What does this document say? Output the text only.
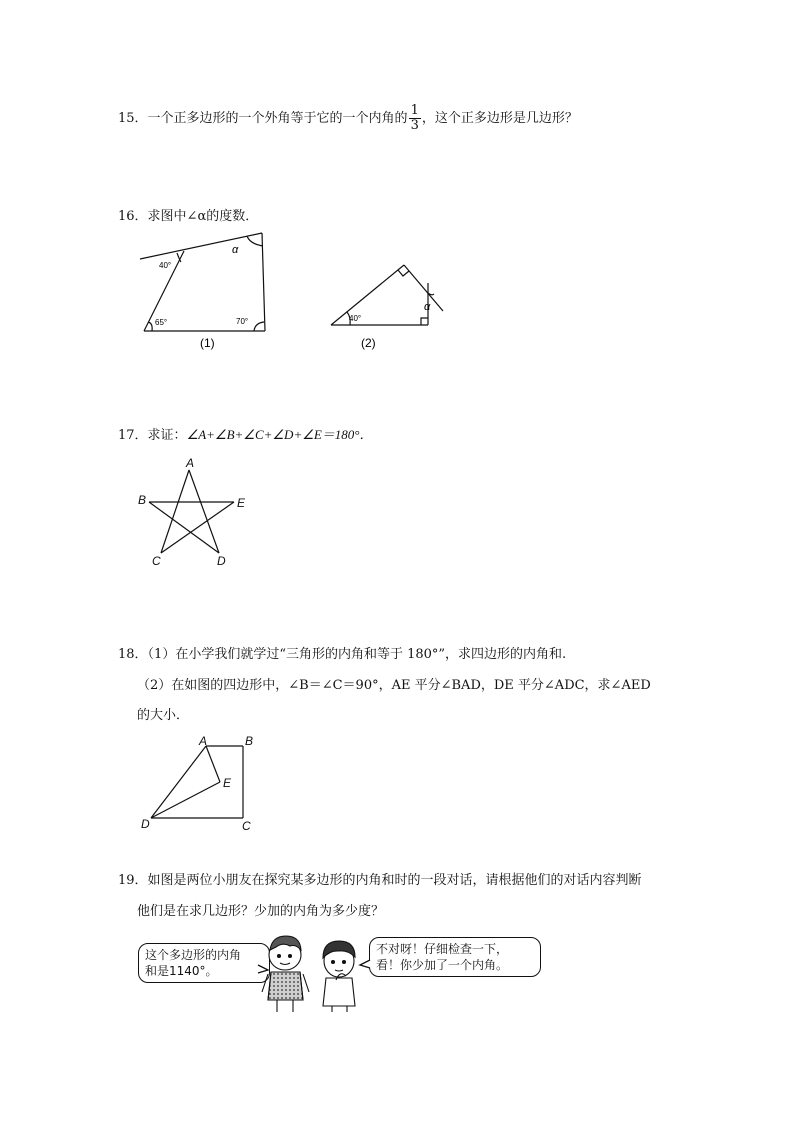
15．一个正多边形的一个外角等于它的一个内角的 $\frac{1}{3}$ ，这个正多边形是几边形？
16．求图中∠α的度数．
40°
α
65°	70°
(1)
40°
α
(2)
17．求证：∠A+∠B+∠C+∠D+∠E＝180°．
A
B	E
C	D
18．（1）在小学我们就学过“三角形的内角和等于 180°”，求四边形的内角和.
（2）在如图的四边形中，∠B＝∠C＝90°，AE 平分∠BAD，DE 平分∠ADC，求∠AED
的大小．
A	B
E
D	C
19．如图是两位小朋友在探究某多边形的内角和时的一段对话，请根据他们的对话内容判断
他们是在求几边形？少加的内角为多少度？
这个多边形的内角
和是1140°。
不对呀！仔细检查一下，
看！你少加了一个内角。
